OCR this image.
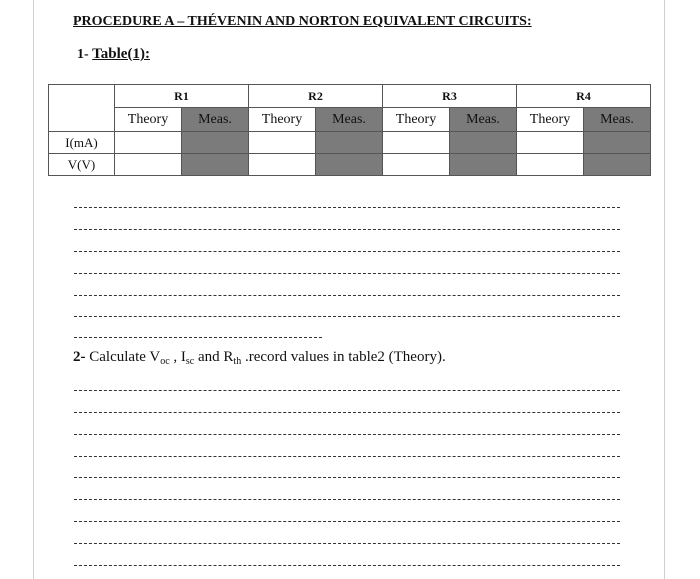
PROCEDURE A – THÉVENIN AND NORTON EQUIVALENT CIRCUITS:
1- Table(1):
	R1		R2		R3		R4	
	Theory	Meas.	Theory	Meas.	Theory	Meas.	Theory	Meas.
I(mA)								
V(V)								
2- Calculate $V_{oc}$ , $I_{sc}$ and $R_{th}$ .record values in table2 (Theory).
